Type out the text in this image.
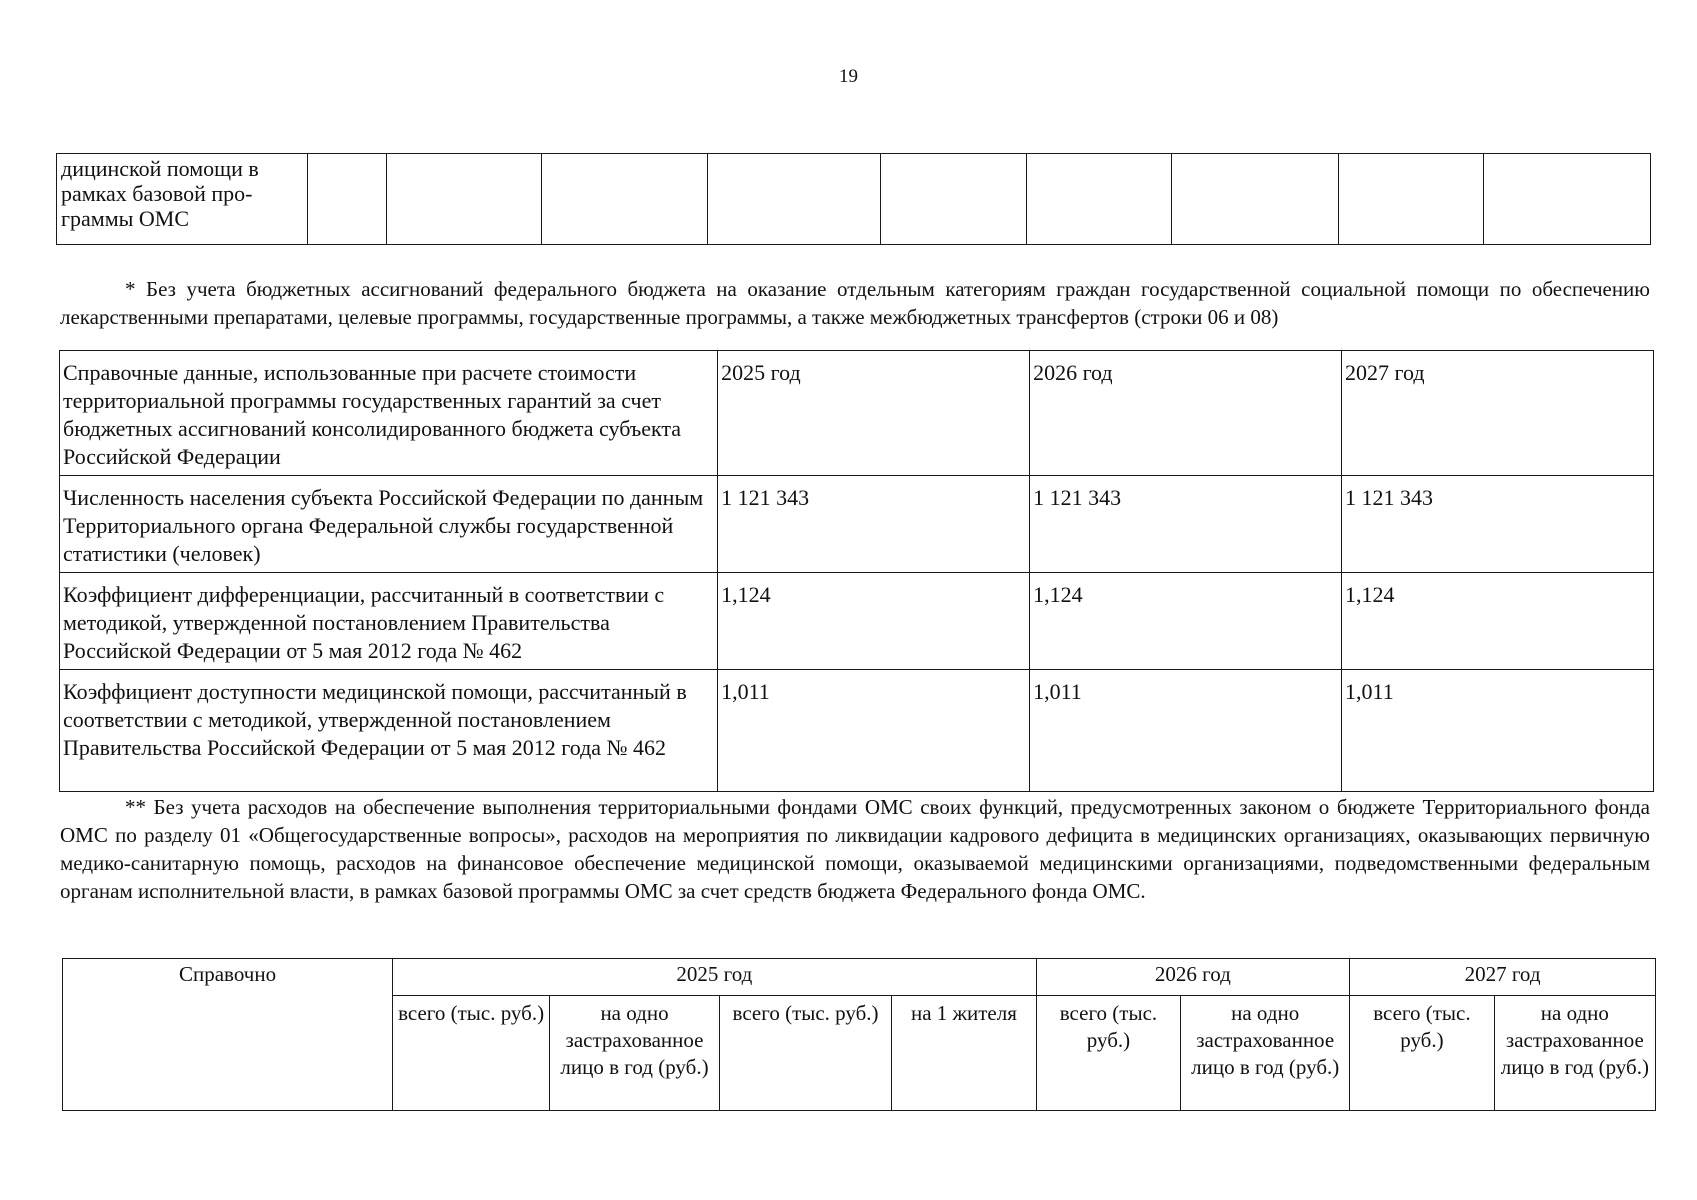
19
дицинской помощи в
рамках базовой про-
граммы ОМС

* Без учета бюджетных ассигнований федерального бюджета на оказание отдельным категориям граждан государственной социальной помощи по обеспечению лекарственными препаратами, целевые программы, государственные программы, а также межбюджетных трансфертов (строки 06 и 08)
Справочные данные, использованные при расчете стоимости территориальной программы государственных гарантий за счет бюджетных ассигнований консолидированного бюджета субъекта Российской Федерации	2025 год	2026 год	2027 год
Численность населения субъекта Российской Федерации по данным Территориального органа Федеральной службы государственной статистики (человек)	1 121 343	1 121 343	1 121 343
Коэффициент дифференциации, рассчитанный в соответствии с методикой, утвержденной постановлением Правительства Российской Федерации от 5 мая 2012 года № 462	1,124	1,124	1,124
Коэффициент доступности медицинской помощи, рассчитанный в соответствии с методикой, утвержденной постановлением Правительства Российской Федерации от 5 мая 2012 года № 462	1,011	1,011	1,011
** Без учета расходов на обеспечение выполнения территориальными фондами ОМС своих функций, предусмотренных законом о бюджете Территориального фонда ОМС по разделу 01 «Общегосударственные вопросы», расходов на мероприятия по ликвидации кадрового дефицита в медицинских организациях, оказывающих первичную медико-санитарную помощь, расходов на финансовое обеспечение медицинской помощи, оказываемой медицинскими организациями, подведомственными федеральным органам исполнительной власти, в рамках базовой программы ОМС за счет средств бюджета Федерального фонда ОМС.
Справочно	2025 год				2026 год		2027 год	
	всего (тыс. руб.)	на одно застрахованное лицо в год (руб.)	всего (тыс. руб.)	на 1 жителя	всего (тыс. руб.)	на одно застрахованное лицо в год (руб.)	всего (тыс. руб.)	на одно застрахованное лицо в год (руб.)
